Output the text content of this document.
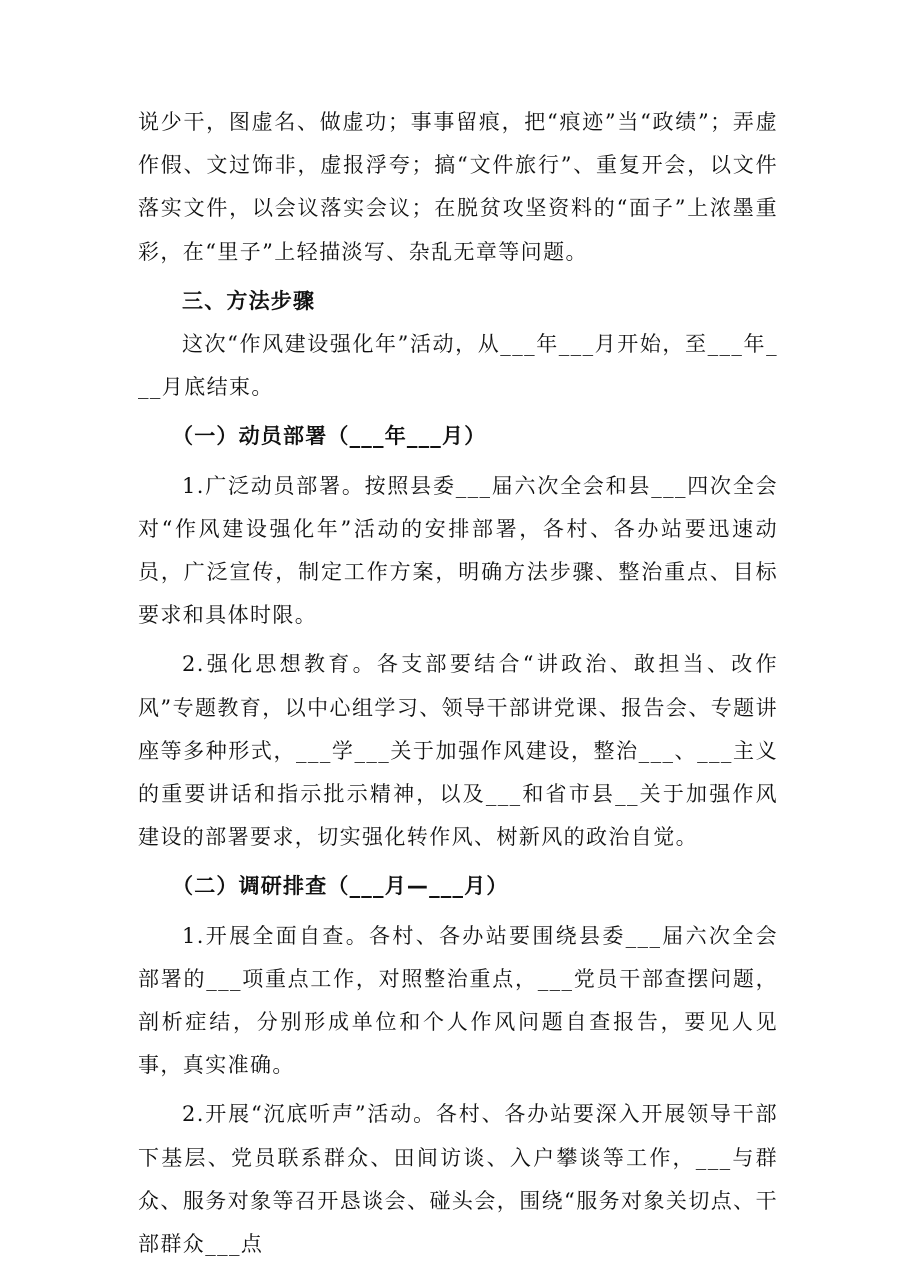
说少干，图虚名、做虚功；事事留痕，把“痕迹”当“政绩”；弄虚作假、文过饰非，虚报浮夸；搞“文件旅行”、重复开会，以文件落实文件，以会议落实会议；在脱贫攻坚资料的“面子”上浓墨重彩，在“里子”上轻描淡写、杂乱无章等问题。

三、方法步骤

这次“作风建设强化年”活动，从___年___月开始，至___年___月底结束。

（一）动员部署（___年___月）

1.广泛动员部署。按照县委___届六次全会和县___四次全会对“作风建设强化年”活动的安排部署，各村、各办站要迅速动员，广泛宣传，制定工作方案，明确方法步骤、整治重点、目标要求和具体时限。

2.强化思想教育。各支部要结合“讲政治、敢担当、改作风”专题教育，以中心组学习、领导干部讲党课、报告会、专题讲座等多种形式，___学___关于加强作风建设，整治___、___主义的重要讲话和指示批示精神，以及___和省市县__关于加强作风建设的部署要求，切实强化转作风、树新风的政治自觉。

（二）调研排查（___月—___月）

1.开展全面自查。各村、各办站要围绕县委___届六次全会部署的___项重点工作，对照整治重点，___党员干部查摆问题，剖析症结，分别形成单位和个人作风问题自查报告，要见人见事，真实准确。

2.开展“沉底听声”活动。各村、各办站要深入开展领导干部下基层、党员联系群众、田间访谈、入户攀谈等工作，___与群众、服务对象等召开恳谈会、碰头会，围绕“服务对象关切点、干部群众___点
